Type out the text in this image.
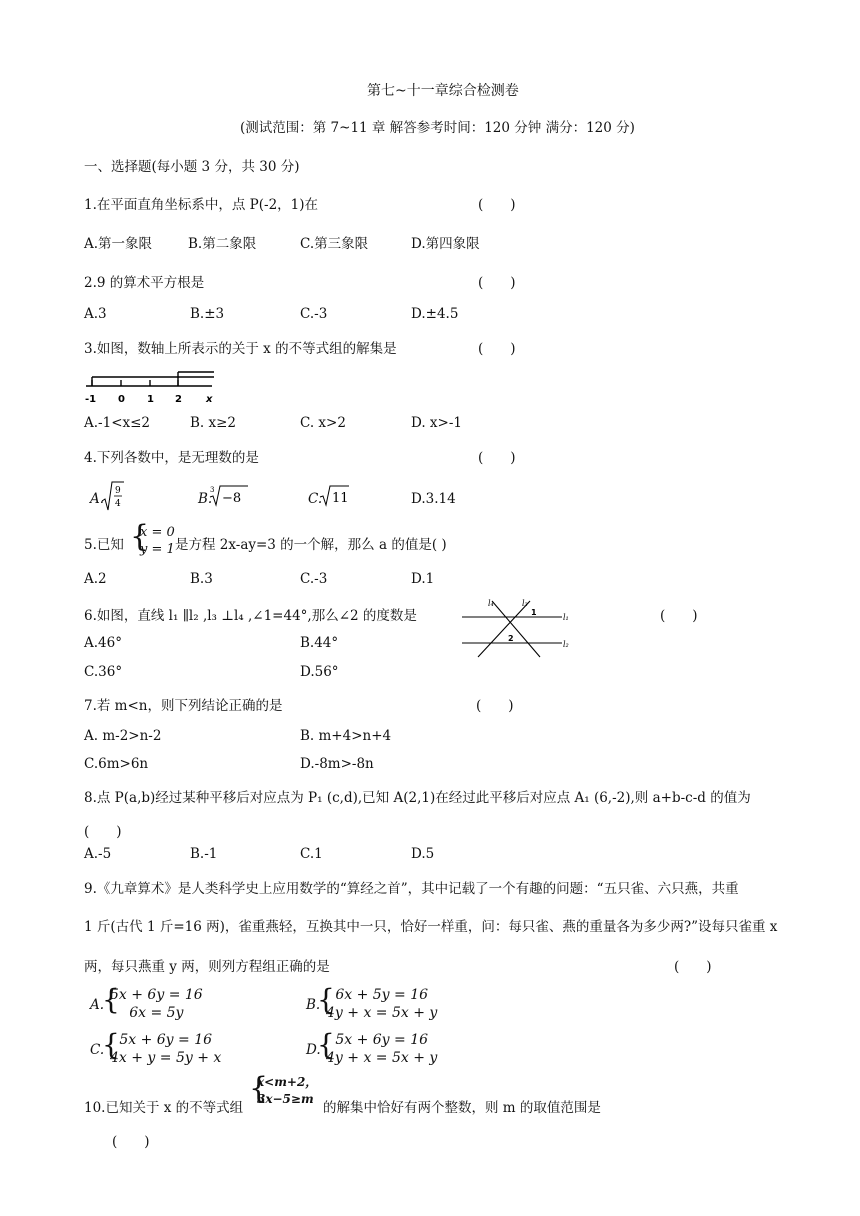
第七~十一章综合检测卷
(测试范围：第 7~11 章 解答参考时间：120 分钟 满分：120 分)
一、选择题(每小题 3 分，共 30 分)
1.在平面直角坐标系中，点 P(-2，1)在	(　　)
A.第一象限	B.第二象限	C.第三象限	D.第四象限
2.9 的算术平方根是	(　　)
A.3	B.±3	C.-3	D.±4.5
3.如图，数轴上所表示的关于 x 的不等式组的解集是	(　　)
-1 0 1 2 x
A.-1<x≤2	B. x≥2	C. x>2	D. x>-1
4.下列各数中，是无理数的是	(　　)
A. 9
4	B.
3
−8	C. 11	D.3.14
5.已知 {
x = 0
y = 1 是方程 2x-ay=3 的一个解，那么 a 的值是( )
A.2	B.3	C.-3	D.1
6.如图，直线 l₁ ∥l₂ ,l₃ ⊥l₄ ,∠1=44°,那么∠2 的度数是	(　　)
l₄	l₃
1
l₁
2
l₂
A.46°	B.44°
C.36°	D.56°
7.若 m<n，则下列结论正确的是	(　　)
A. m-2>n-2	B. m+4>n+4
C.6m>6n	D.-8m>-8n
8.点 P(a,b)经过某种平移后对应点为 P₁ (c,d),已知 A(2,1)在经过此平移后对应点 A₁ (6,-2),则 a+b-c-d 的值为
(　　)
A.-5	B.-1	C.1	D.5
9.《九章算术》是人类科学史上应用数学的“算经之首”，其中记载了一个有趣的问题：“五只雀、六只燕，共重
1 斤(古代 1 斤=16 两)，雀重燕轻，互换其中一只，恰好一样重，问：每只雀、燕的重量各为多少两?”设每只雀重 x
两，每只燕重 y 两，则列方程组正确的是	(　　)
A.
{
5x + 6y = 16
6x = 5y	B.
{ 6x + 5y = 16
4y + x = 5x + y
C.
{ 5x + 6y = 16
4x + y = 5y + x	D.
{ 5x + 6y = 16
4y + x = 5x + y
10.已知关于 x 的不等式组
{
x<m+2，
3x−5≥m
的解集中恰好有两个整数，则 m 的取值范围是
(　　)
